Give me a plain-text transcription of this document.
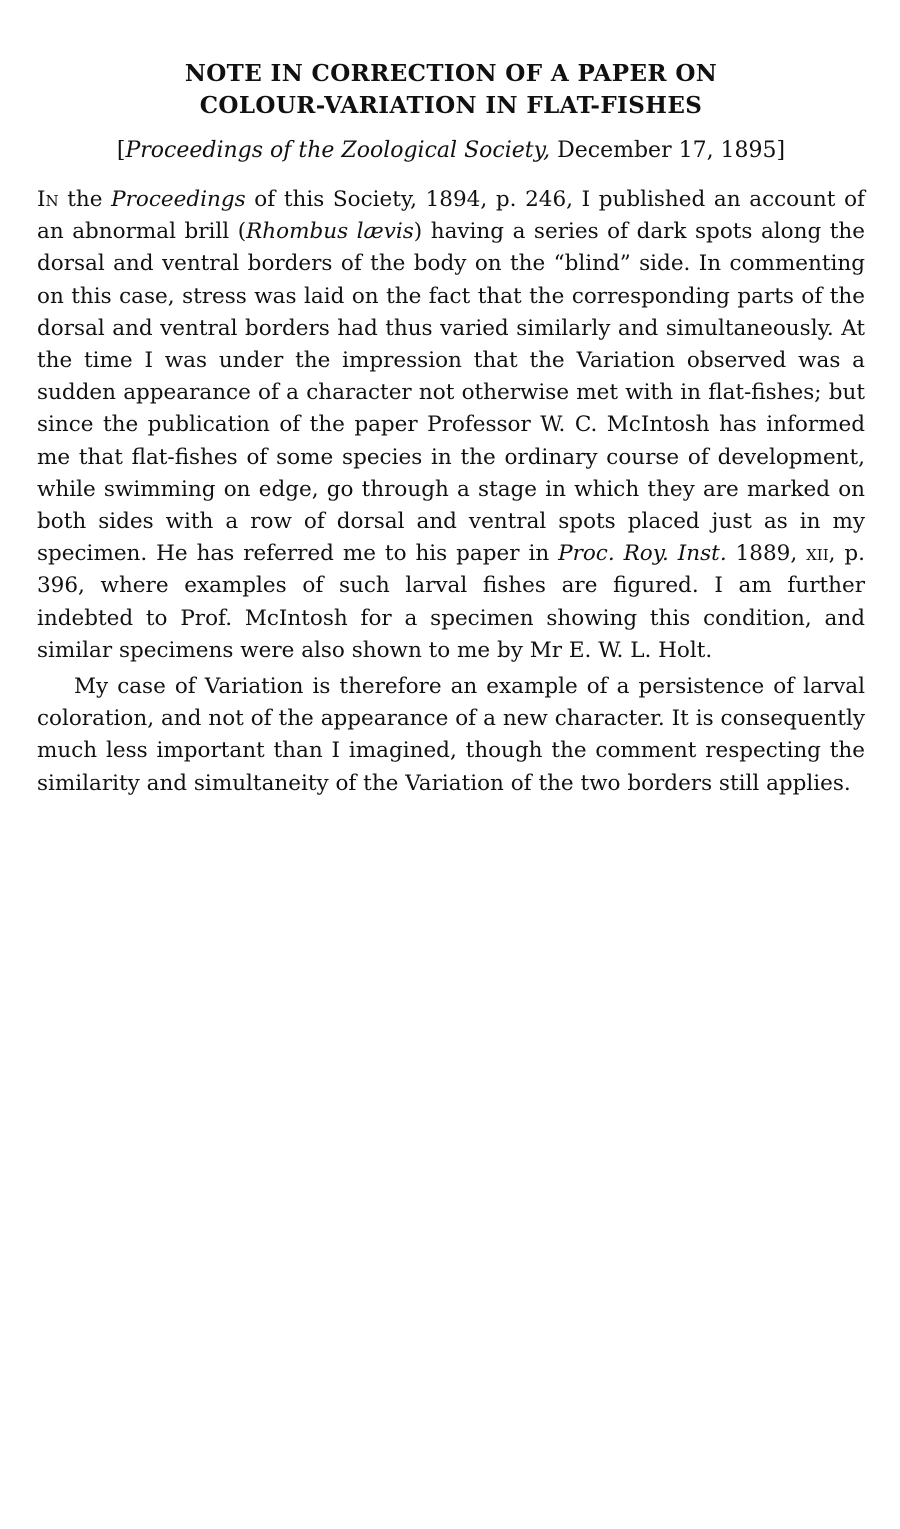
NOTE IN CORRECTION OF A PAPER ON
COLOUR-VARIATION IN FLAT-FISHES
[Proceedings of the Zoological Society, December 17, 1895]

In the Proceedings of this Society, 1894, p. 246, I published an account of an abnormal brill (Rhombus lævis) having a series of dark spots along the dorsal and ventral borders of the body on the “blind” side. In commenting on this case, stress was laid on the fact that the corresponding parts of the dorsal and ventral borders had thus varied similarly and simultaneously. At the time I was under the impression that the Variation observed was a sudden appearance of a character not otherwise met with in flat-fishes; but since the publication of the paper Professor W. C. McIntosh has informed me that flat-fishes of some species in the ordinary course of development, while swimming on edge, go through a stage in which they are marked on both sides with a row of dorsal and ventral spots placed just as in my specimen. He has referred me to his paper in Proc. Roy. Inst. 1889, xii, p. 396, where examples of such larval fishes are figured. I am further indebted to Prof. McIntosh for a specimen showing this condition, and similar specimens were also shown to me by Mr E. W. L. Holt.

My case of Variation is therefore an example of a persistence of larval coloration, and not of the appearance of a new character. It is consequently much less important than I imagined, though the comment respecting the similarity and simultaneity of the Variation of the two borders still applies.
